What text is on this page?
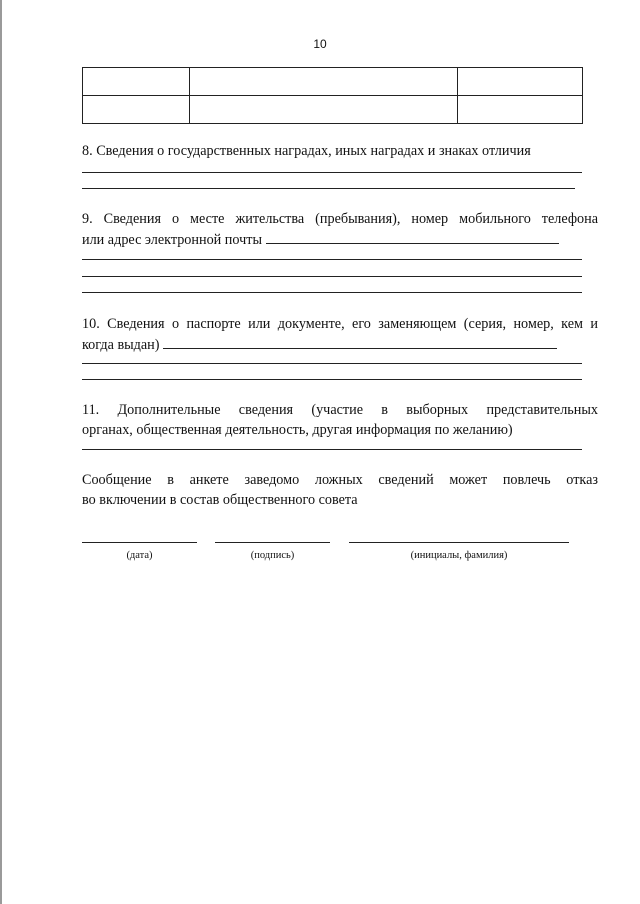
10

8. Сведения о государственных наградах, иных наградах и знаках отличия
9. Сведения о месте жительства (пребывания), номер мобильного телефона
или адрес электронной почты
10. Сведения о паспорте или документе, его заменяющем (серия, номер, кем и
когда выдан)
11. Дополнительные сведения (участие в выборных представительных
органах, общественная деятельность, другая информация по желанию)
Сообщение в анкете заведомо ложных сведений может повлечь отказ
во включении в состав общественного совета
(дата)	(подпись)	(инициалы, фамилия)
